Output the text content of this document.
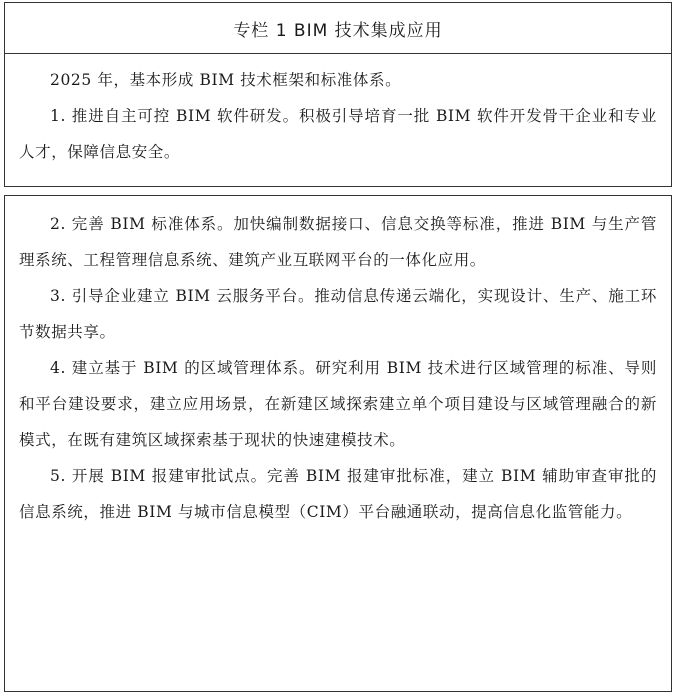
专栏 1 BIM 技术集成应用

2025 年，基本形成 BIM 技术框架和标准体系。

1. 推进自主可控 BIM 软件研发。积极引导培育一批 BIM 软件开发骨干企业和专业人才，保障信息安全。

2. 完善 BIM 标准体系。加快编制数据接口、信息交换等标准，推进 BIM 与生产管理系统、工程管理信息系统、建筑产业互联网平台的一体化应用。

3. 引导企业建立 BIM 云服务平台。推动信息传递云端化，实现设计、生产、施工环节数据共享。

4. 建立基于 BIM 的区域管理体系。研究利用 BIM 技术进行区域管理的标准、导则和平台建设要求，建立应用场景，在新建区域探索建立单个项目建设与区域管理融合的新模式，在既有建筑区域探索基于现状的快速建模技术。

5. 开展 BIM 报建审批试点。完善 BIM 报建审批标准，建立 BIM 辅助审查审批的信息系统，推进 BIM 与城市信息模型（CIM）平台融通联动，提高信息化监管能力。
